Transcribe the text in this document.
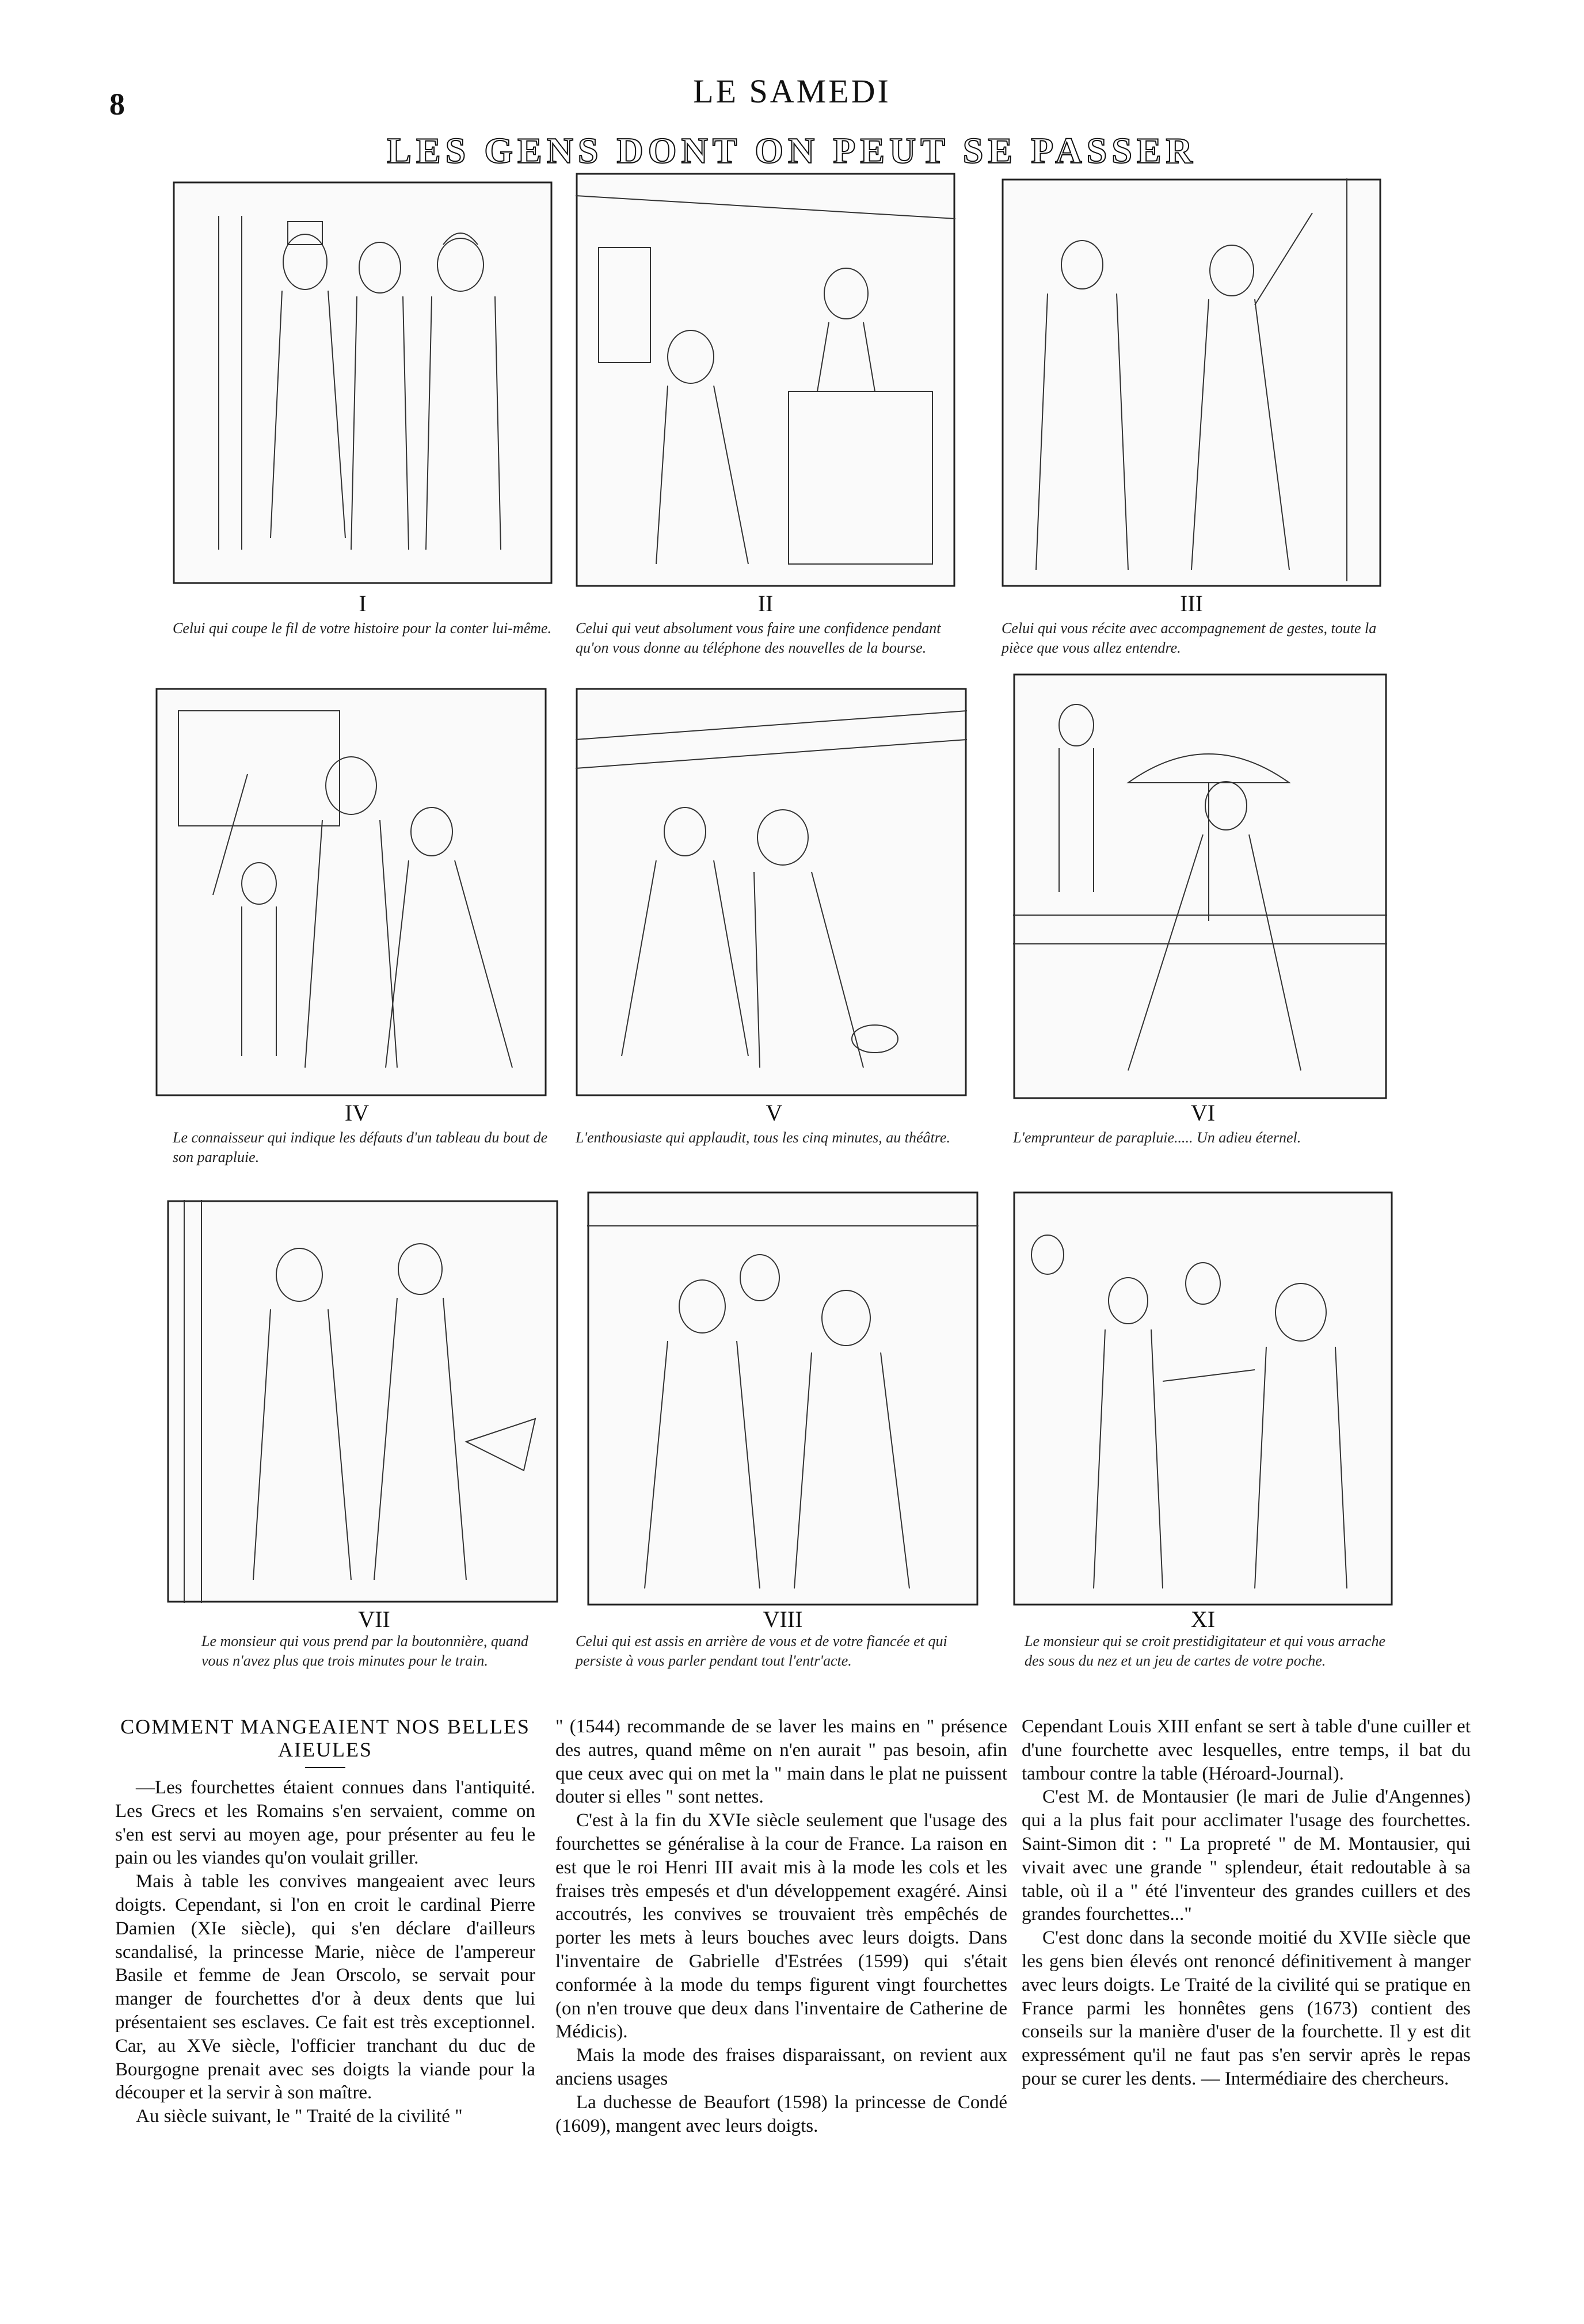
8	LE SAMEDI
LES GENS DONT ON PEUT SE PASSER
I	II	III
Celui qui coupe le fil de votre histoire pour la conter lui-même. Celui qui veut absolument vous faire une confidence pendant qu'on vous donne au téléphone des nouvelles de la bourse.
Celui qui vous récite avec accompagnement de gestes, toute la pièce que vous allez entendre.
IV	V	VI
Le connaisseur qui indique les défauts d'un tableau du bout de son parapluie.
L'enthousiaste qui applaudit, tous les cinq minutes, au théâtre.	L'emprunteur de parapluie..... Un adieu éternel.
VII	VIII	XI
Le monsieur qui vous prend par la boutonnière, quand vous n'avez plus que trois minutes pour le train.
Celui qui est assis en arrière de vous et de votre fiancée et qui persiste à vous parler pendant tout l'entr'acte.
Le monsieur qui se croit prestidigitateur et qui vous arrache des sous du nez et un jeu de cartes de votre poche.
COMMENT MANGEAIENT NOS BELLES AIEULES

—Les fourchettes étaient connues dans l'antiquité. Les Grecs et les Romains s'en servaient, comme on s'en est servi au moyen age, pour présenter au feu le pain ou les viandes qu'on voulait griller.

Mais à table les convives mangeaient avec leurs doigts. Cependant, si l'on en croit le cardinal Pierre Damien (XIe siècle), qui s'en déclare d'ailleurs scandalisé, la princesse Marie, nièce de l'ampereur Basile et femme de Jean Orscolo, se servait pour manger de fourchettes d'or à deux dents que lui présentaient ses esclaves. Ce fait est très exceptionnel. Car, au XVe siècle, l'officier tranchant du duc de Bourgogne prenait avec ses doigts la viande pour la découper et la servir à son maître.

Au siècle suivant, le " Traité de la civilité "

" (1544) recommande de se laver les mains en " présence des autres, quand même on n'en aurait " pas besoin, afin que ceux avec qui on met la " main dans le plat ne puissent douter si elles " sont nettes.

C'est à la fin du XVIe siècle seulement que l'usage des fourchettes se généralise à la cour de France. La raison en est que le roi Henri III avait mis à la mode les cols et les fraises très empesés et d'un développement exagéré. Ainsi accoutrés, les convives se trouvaient très empêchés de porter les mets à leurs bouches avec leurs doigts. Dans l'inventaire de Gabrielle d'Estrées (1599) qui s'était conformée à la mode du temps figurent vingt fourchettes (on n'en trouve que deux dans l'inventaire de Catherine de Médicis).

Mais la mode des fraises disparaissant, on revient aux anciens usages

La duchesse de Beaufort (1598) la princesse de Condé (1609), mangent avec leurs doigts.

Cependant Louis XIII enfant se sert à table d'une cuiller et d'une fourchette avec lesquelles, entre temps, il bat du tambour contre la table (Héroard-Journal).

C'est M. de Montausier (le mari de Julie d'Angennes) qui a la plus fait pour acclimater l'usage des fourchettes. Saint-Simon dit : " La propreté " de M. Montausier, qui vivait avec une grande " splendeur, était redoutable à sa table, où il a " été l'inventeur des grandes cuillers et des grandes fourchettes..."

C'est donc dans la seconde moitié du XVIIe siècle que les gens bien élevés ont renoncé définitivement à manger avec leurs doigts. Le Traité de la civilité qui se pratique en France parmi les honnêtes gens (1673) contient des conseils sur la manière d'user de la fourchette. Il y est dit expressément qu'il ne faut pas s'en servir après le repas pour se curer les dents. — Intermédiaire des chercheurs.
